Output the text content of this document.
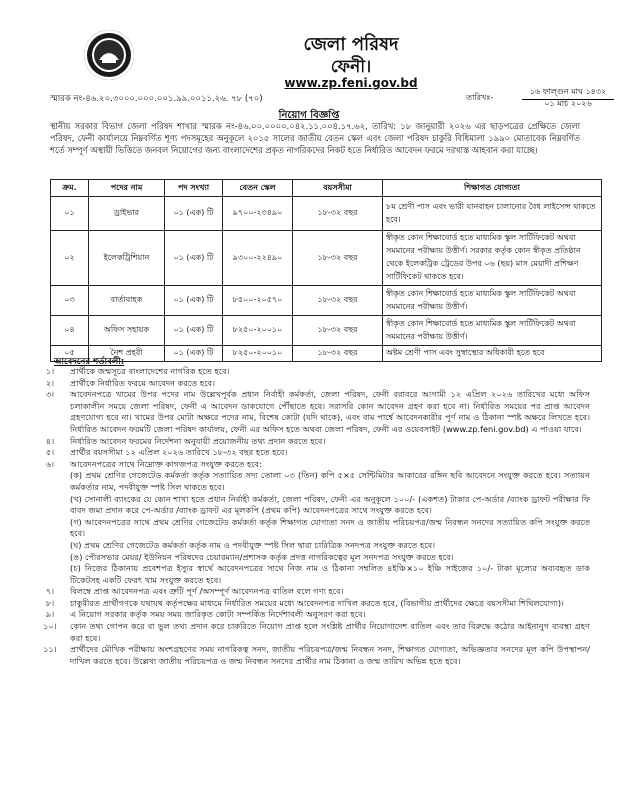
জেলা পরিষদ
ফেনী।
www.zp.feni.gov.bd
স্মারক নং-৪৬.২০.৩০০০.০০০.০০১.৯৯.০০১১.২৬. ৭৮ (৭০)	তারিখঃ-
১৬ ফাল্গুন মাঘ ১৪৩২
০১ মার্চ ২০২৬
নিয়োগ বিজ্ঞপ্তি
স্থানীয় সরকার বিভাগ জেলা পরিষদ শাখার স্মারক নং-৪৬.০০.০০০০.০৪২.১১.০০৪.১৭.৬২, তারিখ: ১৮ জানুয়ারী ২০২৬ এর ছাড়পত্রের প্রেক্ষিতে জেলা পরিষদ, ফেনী কার্যালয়ে নিম্নবর্ণিত শূণ্য পদসমূহের অনুকূলে ২০১৫ সালের জাতীয় বেতন স্কেল এবং জেলা পরিষদ চাকুরি বিধিমালা ১৯৯০ মোতাবেক নিম্নবর্ণিত শর্তে সম্পূর্ণ অস্থায়ী ভিত্তিতে জনবল নিয়োগের জন্য বাংলাদেশের প্রকৃত নাগরিকদের নিকট হতে নির্ধারিত আবেদন ফরমে দরখাস্ত আহবান করা যাচ্ছে।
ক্রম.	পদের নাম	পদ সংখ্যা	বেতন স্কেল	বয়সসীমা	শিক্ষাগত যোগ্যতা
০১	ড্রাইভার	০১ (এক) টি	৯৭০০-২৩৪৯০	১৮-৩২ বছর	৮ম শ্রেণী পাস এবং ভারী যানবাহন চালানোর বৈধ লাইসেন্স থাকতে হবে।
০২	ইলেকট্রিশিয়ান	০১ (এক) টি	৯৩০০-২২৪৯০	১৮-৩২ বছর	স্বীকৃত কোন শিক্ষাবোর্ড হতে মাধ্যমিক স্কুল সার্টিফিকেট অথবা সমমানের পরীক্ষায় উত্তীর্ণ। সরকার কর্তৃক কোন স্বীকৃত প্রতিষ্ঠান থেকে ইলেকট্রিক ট্রেডের উপর ০৬ (ছয়) মাস মেয়াদী প্রশিক্ষণ সার্টিফিকেট থাকতে হবে।
০৩	বার্তাবাহক	০১ (এক) টি	৮৫০০-২০৫৭০	১৮-৩২ বছর	স্বীকৃত কোন শিক্ষাবোর্ড হতে মাধ্যমিক স্কুল সার্টিফিকেট অথবা সমমানের পরীক্ষায় উত্তীর্ণ।
০৪	অফিস সহায়ক	০১ (এক) টি	৮২৫০-২০০১০	১৮-৩২ বছর	স্বীকৃত কোন শিক্ষাবোর্ড হতে মাধ্যমিক স্কুল সার্টিফিকেট অথবা সমমানের পরীক্ষায় উত্তীর্ণ।
০৫	নৈশ প্রহরী	০১ (এক) টি	৮২৫০-২০০১০	১৮-৩২ বছর	অষ্টম শ্রেণী পাস এবং সুস্বাস্থ্যের অধিকারী হতে হবে
আবেদনের শর্তাবলী:
১।	প্রার্থীকে জন্মসূত্রে বাংলাদেশের নাগরিক হতে হবে।
২।	প্রার্থীকে নির্ধারিত ফরমে আবেদন করতে হবে।
৩।	আবেদনপত্রে খামের উপর পদের নাম উল্লেখপূর্বক প্রধান নির্বাহী কর্মকর্তা, জেলা পরিষদ, ফেনী বরাবরে আগামী ১২ এপ্রিল ২০২৬ তারিখের মধ্যে অফিস চলাকালীন সময়ে জেলা পরিষদ, ফেনী এ আবেদন ডাকযোগে পৌঁছাতে হবে। সরাসরি কোন আবেদন গ্রহণ করা হবে না। নির্ধারিত সময়ের পর প্রাপ্ত আবেদন গ্রহণযোগ্য হবে না। খামের উপর মোটা অক্ষরে পদের নাম, বিশেষ কোটা (যদি থাকে), এবং বাম পার্শ্বে আবেদনকারীর পূর্ণ নাম ও ঠিকানা স্পষ্ট অক্ষরে লিখতে হবে। নির্ধারিত আবেদন ফরমটি জেলা পরিষদ কার্যালয়, ফেনী এর অফিস হতে অথবা জেলা পরিষদ, ফেনী এর ওয়েবসাইট (www.zp.feni.gov.bd) এ পাওয়া যাবে।
৪।	নির্ধারিত আবেদন ফরমের নির্দেশনা অনুযায়ী প্রয়োজনীয় তথ্য প্রদান করতে হবে।
৫।	প্রার্থীর বয়সসীমা ১২ এপ্রিল ২০২৬ তারিখে ১৮-৩২ বছর হতে হবে।
৬।	আবেদনপত্রের সাথে নিম্নোক্ত কাগজপত্র সংযুক্ত করতে হবে:
(ক) প্রথম শ্রেণির গেজেটেড কর্মকর্তা কর্তৃক সত্যায়িত সদ্য তোলা ০৩ (তিন) কপি ৫×৫ সেন্টিমিটার আকারের রঙ্গিন ছবি আবেদনে সংযুক্ত করতে হবে। সত্যায়ন কর্মকর্তার নাম, পদবীযুক্ত স্পষ্ট সিল থাকতে হবে।
(খ) সোনালী ব্যাংকের যে কোন শাখা হতে প্রধান নির্বাহী কর্মকর্তা, জেলা পরিষদ, ফেনী এর অনুকূলে ১০০/- (একশত) টাকার পে-অর্ডার /ব্যাংক ড্রাফট পরীক্ষার ফি বাবদ জমা প্রদান করে পে-অর্ডার /ব্যাংক ড্রাফট এর মূলকপি (প্রথম কপি) আবেদনপত্রের সাথে সংযুক্ত করতে হবে।
(গ) আবেদনপত্রের সাথে প্রথম শ্রেণির গেজেটেড কর্মকর্তা কর্তৃক শিক্ষাগত যোগ্যতা সনদ ও জাতীয় পরিচয়পত্র/জন্ম নিবন্ধন সনদের সত্যায়িত কপি সংযুক্ত করতে হবে।
(ঘ) প্রথম শ্রেণির গেজেটেড কর্মকর্তা কর্তৃক নাম ও পদবীযুক্ত স্পষ্ট সিল দ্বারা চারিত্রিক সনদপত্র সংযুক্ত করতে হবে।
(ঙ) পৌরসভার মেয়র/ ইউনিয়ন পরিষদের চেয়ারম্যান/প্রশাসক কর্তৃক প্রদত্ত নাগরিকত্বের মূল সনদপত্র সংযুক্ত করতে হবে।
(চ) নিজের ঠিকানায় প্রবেশপত্র ইস্যুর স্বার্থে আবেদনপত্রের সাথে নিজ নাম ও ঠিকানা সম্বলিত ৪ইঞ্চি×১০ ইঞ্চি সাইজের ১০/- টাকা মূল্যের অব্যবহৃত ডাক টিকেটসহ একটি ফেরৎ খাম সংযুক্ত করতে হবে।
৭।	বিলম্বে প্রাপ্ত আবেদনপত্র এবং ত্রুটি পূর্ণ /অসম্পূর্ণ আবেদনপত্র বাতিল বলে গণ্য হবে।
৮।	চাকুরীরত প্রার্থীগণকে যথাযথ কর্তৃপক্ষের মাধ্যমে নির্ধারিত সময়ের মধ্যে আবেদনপত্র দাখিল করতে হবে, (বিভাগীয় প্রার্থীদের ক্ষেত্রে বয়সসীমা শিথিলযোগ্য)।
৯।	এ নিয়োগ সরকার কর্তৃক সময় সময় জারিকৃত কোটা সম্পর্কিত নির্দেশাবলী অনুসরণ করা হবে।
১০।	কোন তথ্য গোপন করে বা ভুল তথ্য প্রদান করে চাকরিতে নিয়োগ প্রাপ্ত হলে সংশ্লিষ্ট প্রার্থীর নিয়োগাদেশ বাতিল এবং তার বিরুদ্ধে কঠোর আইনানুগ ব্যবস্থা গ্রহণ করা হবে।
১১।	প্রার্থীদের মৌখিক পরীক্ষায় অংশগ্রহণের সময় নাগরিকত্ব সনদ, জাতীয় পরিচয়পত্র/জন্ম নিবন্ধন সনদ, শিক্ষাগত যোগ্যতা, অভিজ্ঞতার সনদের মূল কপি উপস্থাপন/দাখিল করতে হবে। উল্লেখ্য জাতীয় পরিচয়পত্র ও জন্ম নিবন্ধন সনদের প্রার্থীর নাম ঠিকানা ও জন্ম তারিখ অভিন্ন হতে হবে।
